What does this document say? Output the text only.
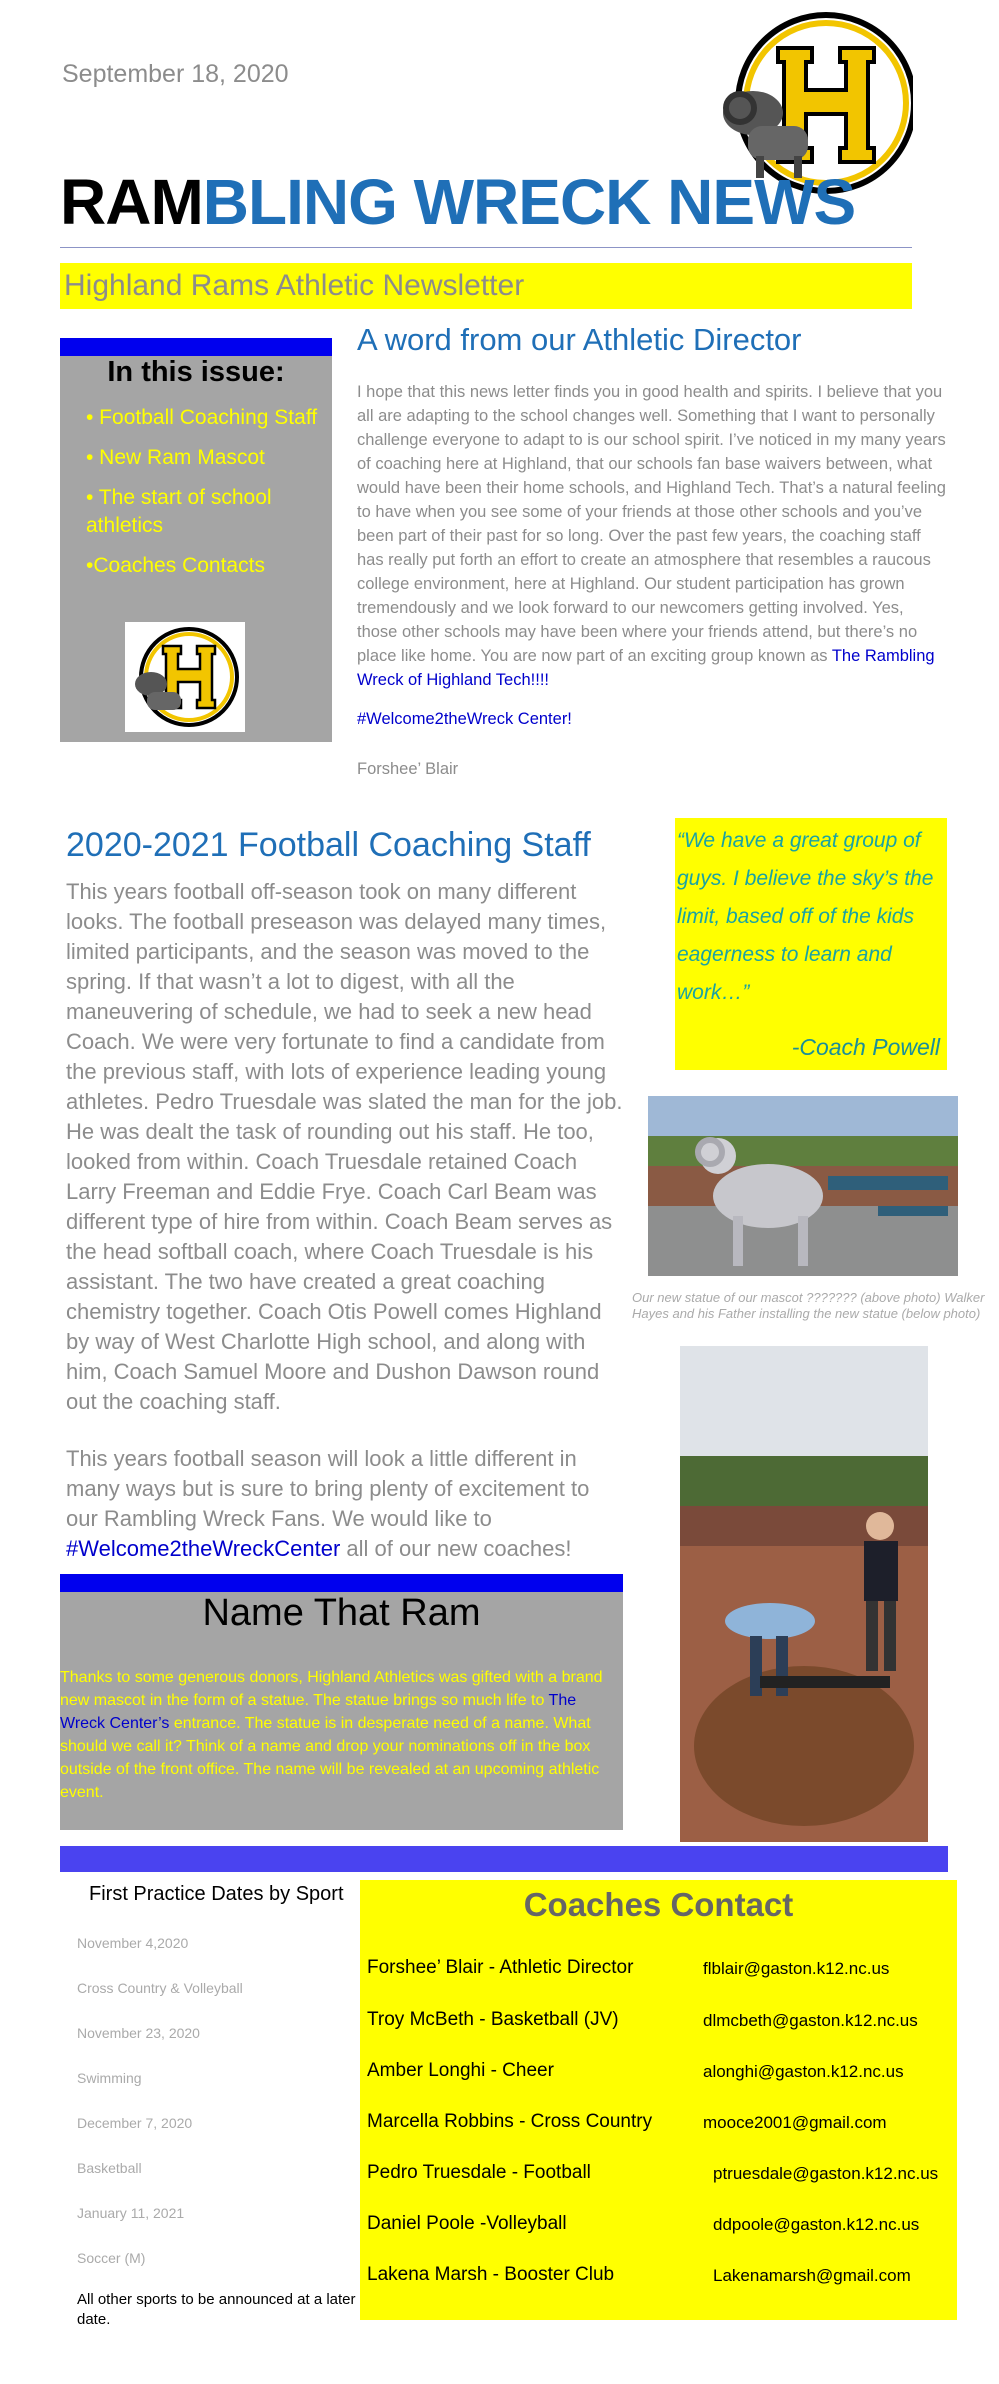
September 18, 2020
RAMBLING WRECK NEWS
Highland Rams Athletic Newsletter
In this issue:
• Football Coaching Staff
• New Ram Mascot
• The start of school athletics
•Coaches Contacts
A word from our Athletic Director
I hope that this news letter finds you in good health and spirits. I believe that you all are adapting to the school changes well. Something that I want to personally challenge everyone to adapt to is our school spirit. I’ve noticed in my many years of coaching here at Highland, that our schools fan base waivers between, what would have been their home schools, and Highland Tech. That’s a natural feeling to have when you see some of your friends at those other schools and you’ve been part of their past for so long. Over the past few years, the coaching staff has really put forth an effort to create an atmosphere that resembles a raucous college environment, here at Highland. Our student participation has grown tremendously and we look forward to our newcomers getting involved. Yes, those other schools may have been where your friends attend, but there’s no place like home. You are now part of an exciting group known as The Rambling Wreck of Highland Tech!!!!
#Welcome2theWreck Center!
Forshee’ Blair
2020-2021 Football Coaching Staff
This years football off-season took on many different looks. The football preseason was delayed many times, limited participants, and the season was moved to the spring. If that wasn’t a lot to digest, with all the maneuvering of schedule, we had to seek a new head Coach. We were very fortunate to find a candidate from the previous staff, with lots of experience leading young athletes. Pedro Truesdale was slated the man for the job. He was dealt the task of rounding out his staff. He too, looked from within. Coach Truesdale retained Coach Larry Freeman and Eddie Frye. Coach Carl Beam was different type of hire from within. Coach Beam serves as the head softball coach, where Coach Truesdale is his assistant. The two have created a great coaching chemistry together. Coach Otis Powell comes Highland by way of West Charlotte High school, and along with him, Coach Samuel Moore and Dushon Dawson round out the coaching staff.
This years football season will look a little different in many ways but is sure to bring plenty of excitement to our Rambling Wreck Fans. We would like to #Welcome2theWreckCenter all of our new coaches!
“We have a great group of guys. I believe the sky’s the limit, based off of the kids eagerness to learn and work…”
-Coach Powell
Our new statue of our mascot ??????? (above photo) Walker Hayes and his Father installing the new statue (below photo)
Name That Ram
Thanks to some generous donors, Highland Athletics was gifted with a brand new mascot in the form of a statue. The statue brings so much life to The Wreck Center’s entrance. The statue is in desperate need of a name. What should we call it? Think of a name and drop your nominations off in the box outside of the front office. The name will be revealed at an upcoming athletic event.
First Practice Dates by Sport
November 4,2020
Cross Country & Volleyball
November 23, 2020
Swimming
December 7, 2020
Basketball
January 11, 2021
Soccer (M)
All other sports to be announced at a later date.
Coaches Contact
Forshee’ Blair - Athletic Director	flblair@gaston.k12.nc.us
Troy McBeth - Basketball (JV)	dlmcbeth@gaston.k12.nc.us
Amber Longhi - Cheer	alonghi@gaston.k12.nc.us
Marcella Robbins - Cross Country	mooce2001@gmail.com
Pedro Truesdale - Football	ptruesdale@gaston.k12.nc.us
Daniel Poole -Volleyball	ddpoole@gaston.k12.nc.us
Lakena Marsh - Booster Club	Lakenamarsh@gmail.com
